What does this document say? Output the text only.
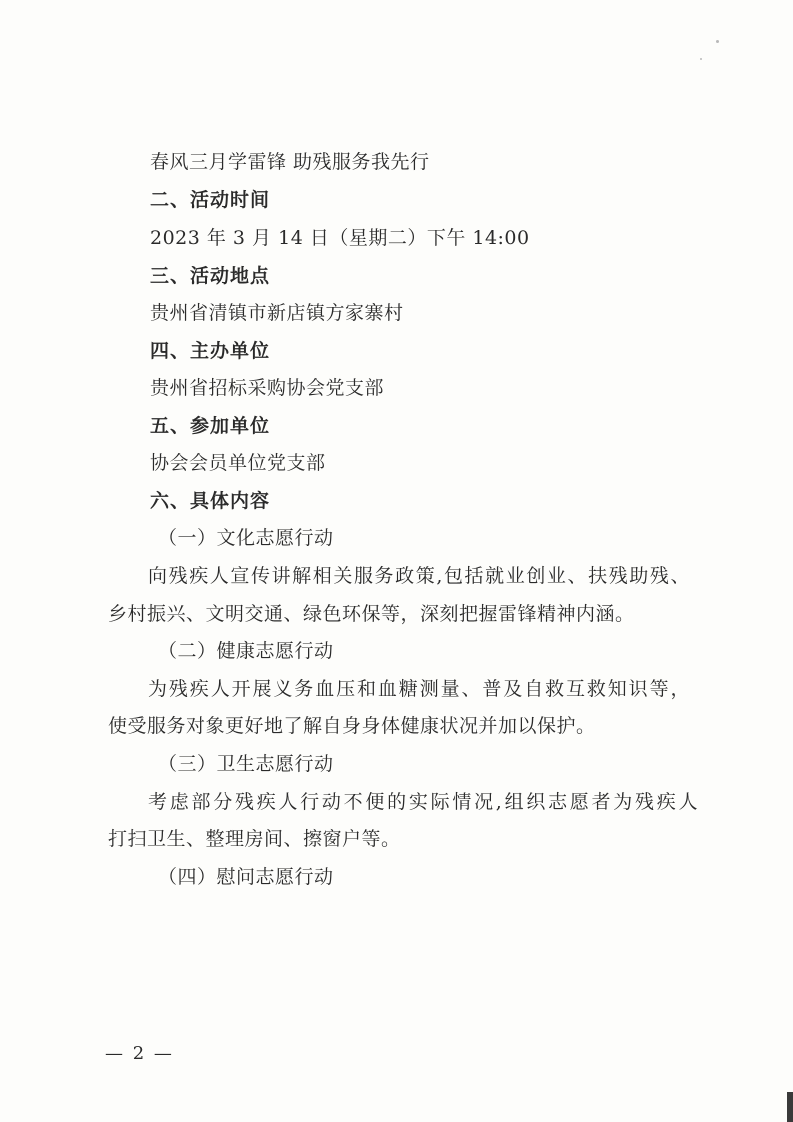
春风三月学雷锋 助残服务我先行
二、活动时间
2023 年 3 月 14 日（星期二）下午 14:00
三、活动地点
贵州省清镇市新店镇方家寨村
四、主办单位
贵州省招标采购协会党支部
五、参加单位
协会会员单位党支部
六、具体内容
（一）文化志愿行动
向残疾人宣传讲解相关服务政策,包括就业创业、扶残助残、
乡村振兴、文明交通、绿色环保等，深刻把握雷锋精神内涵。
（二）健康志愿行动
为残疾人开展义务血压和血糖测量、普及自救互救知识等，
使受服务对象更好地了解自身身体健康状况并加以保护。
（三）卫生志愿行动
考虑部分残疾人行动不便的实际情况,组织志愿者为残疾人
打扫卫生、整理房间、擦窗户等。
（四）慰问志愿行动
— 2 —
